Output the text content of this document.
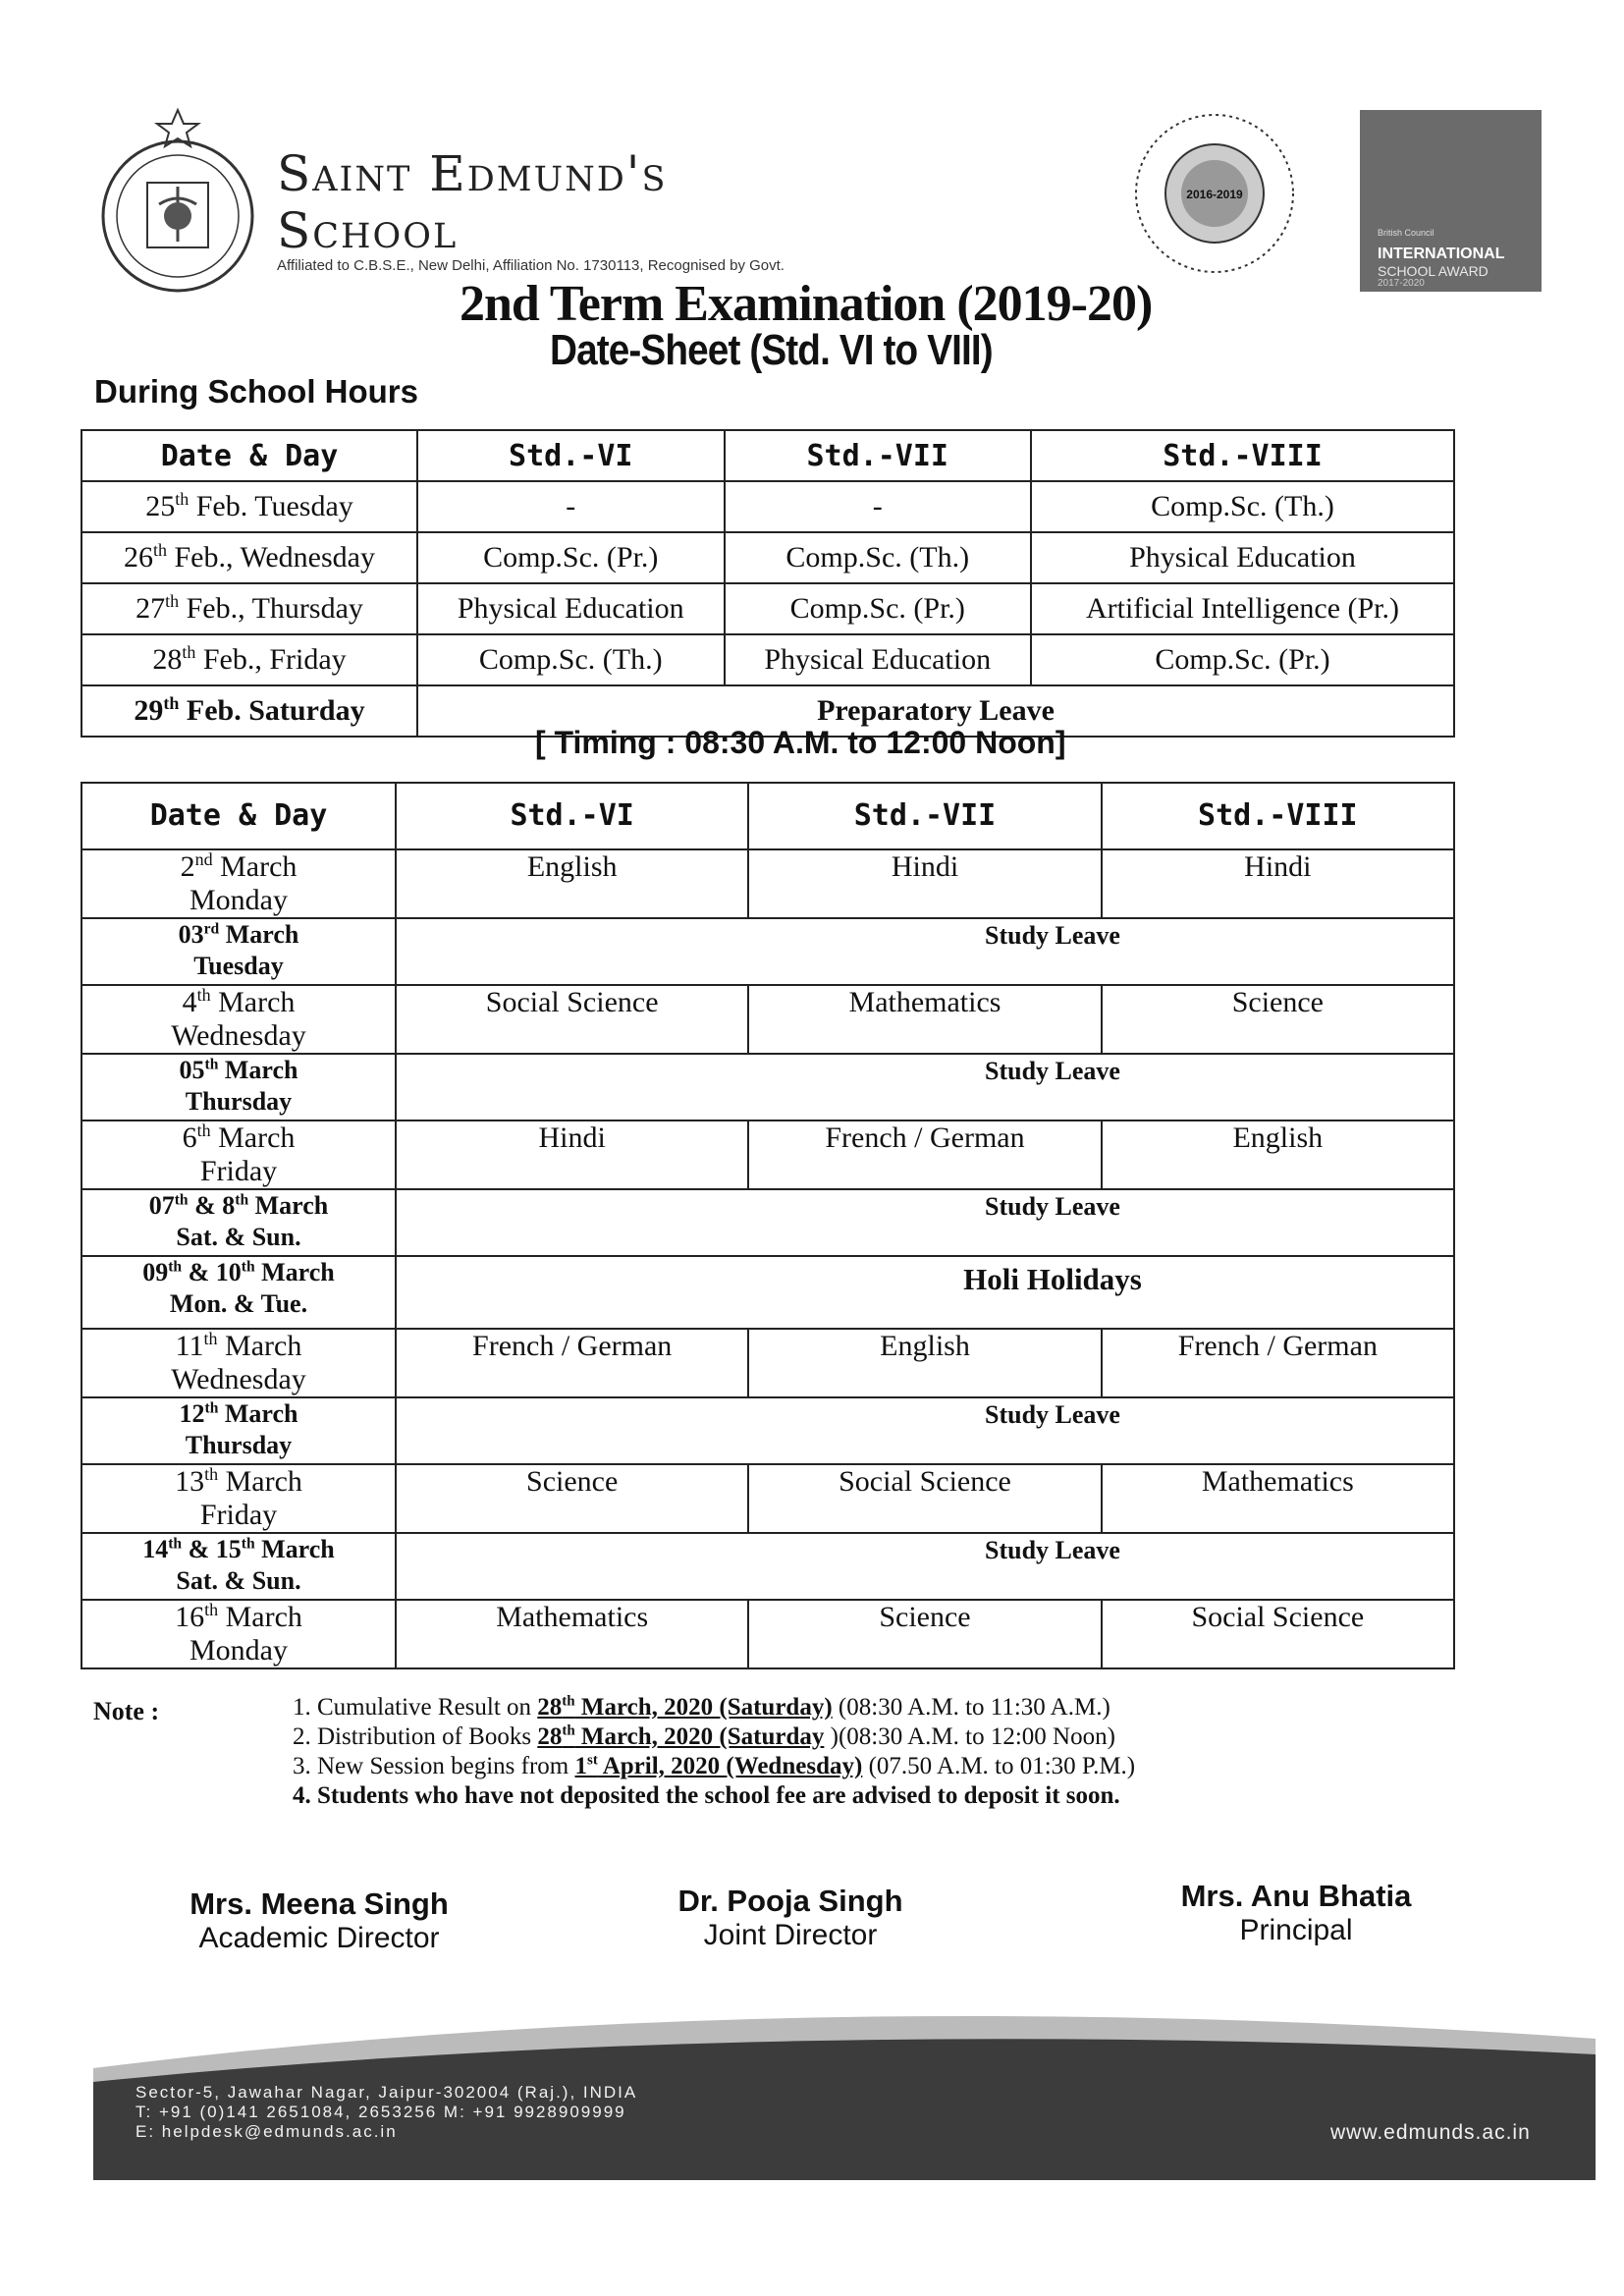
Saint Edmund's
School
Affiliated to C.B.S.E., New Delhi, Affiliation No. 1730113, Recognised by Govt.
2016-2019
British Council
INTERNATIONAL
SCHOOL AWARD
2017-2020
2nd Term Examination (2019-20)
Date-Sheet (Std. VI to VIII)
During School Hours
Date & Day	Std.-VI	Std.-VII	Std.-VIII
25th Feb. Tuesday	-	-	Comp.Sc. (Th.)
26th Feb., Wednesday	Comp.Sc. (Pr.)	Comp.Sc. (Th.)	Physical Education
27th Feb., Thursday	Physical Education	Comp.Sc. (Pr.)	Artificial Intelligence (Pr.)
28th Feb., Friday	Comp.Sc. (Th.)	Physical Education	Comp.Sc. (Pr.)
29th Feb. Saturday	Preparatory Leave		
[ Timing : 08:30 A.M. to 12:00 Noon]
Date & Day	Std.-VI	Std.-VII	Std.-VIII
2nd March
Monday	English	Hindi	Hindi
03rd March
Tuesday	Study Leave		
4th March
Wednesday	Social Science	Mathematics	Science
05th March
Thursday	Study Leave		
6th March
Friday	Hindi	French / German	English
07th & 8th March
Sat. & Sun.	Study Leave		
09th & 10th March
Mon. & Tue.	Holi Holidays		
11th March
Wednesday	French / German	English	French / German
12th March
Thursday	Study Leave		
13th March
Friday	Science	Social Science	Mathematics
14th & 15th March
Sat. & Sun.	Study Leave		
16th March
Monday	Mathematics	Science	Social Science
Note :	1. Cumulative Result on 28th March, 2020 (Saturday) (08:30 A.M. to 11:30 A.M.)
2. Distribution of Books 28th March, 2020 (Saturday )(08:30 A.M. to 12:00 Noon)
3. New Session begins from 1st April, 2020 (Wednesday) (07.50 A.M. to 01:30 P.M.)
4. Students who have not deposited the school fee are advised to deposit it soon.
Mrs. Meena Singh
Academic Director
Dr. Pooja Singh
Joint Director
Mrs. Anu Bhatia
Principal
Sector-5, Jawahar Nagar, Jaipur-302004 (Raj.), INDIA
T: +91 (0)141 2651084, 2653256 M: +91 9928909999
E: helpdesk@edmunds.ac.in	www.edmunds.ac.in
